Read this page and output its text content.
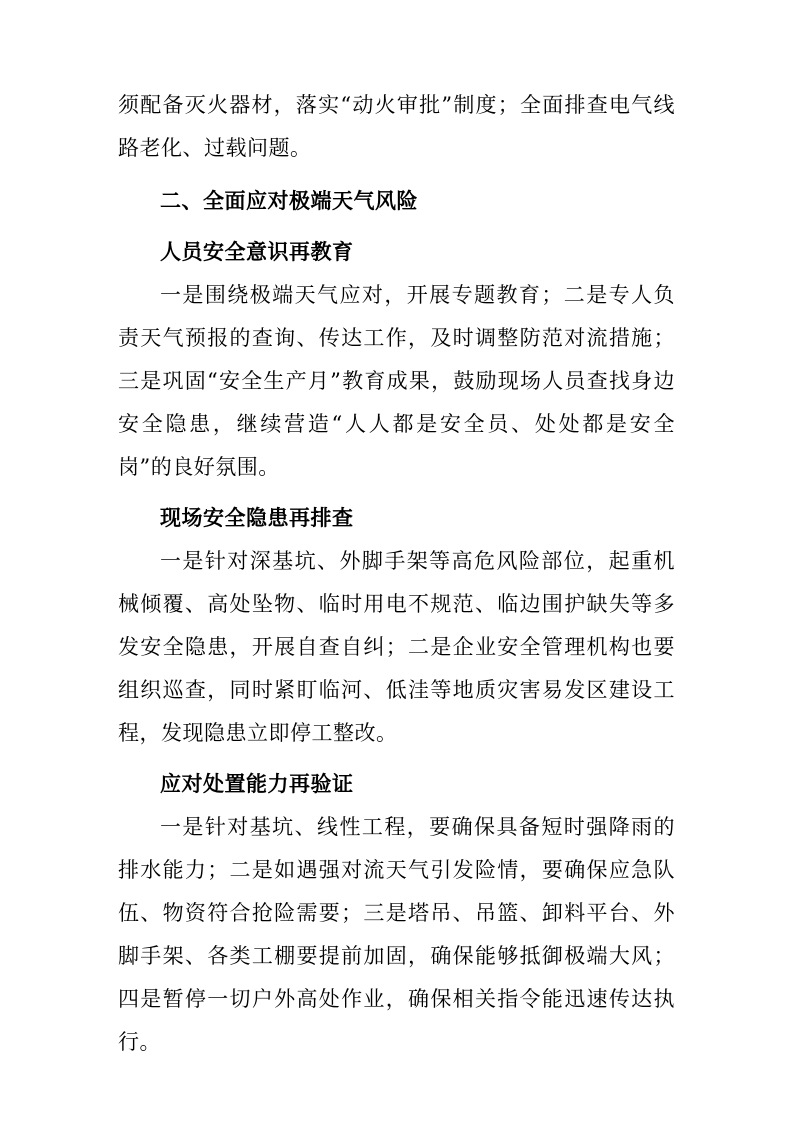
须配备灭火器材，落实“动火审批”制度；全面排查电气线路老化、过载问题。

二、全面应对极端天气风险

人员安全意识再教育

一是围绕极端天气应对，开展专题教育；二是专人负责天气预报的查询、传达工作，及时调整防范对流措施；三是巩固“安全生产月”教育成果，鼓励现场人员查找身边安全隐患，继续营造“人人都是安全员、处处都是安全岗”的良好氛围。

现场安全隐患再排查

一是针对深基坑、外脚手架等高危风险部位，起重机械倾覆、高处坠物、临时用电不规范、临边围护缺失等多发安全隐患，开展自查自纠；二是企业安全管理机构也要组织巡查，同时紧盯临河、低洼等地质灾害易发区建设工程，发现隐患立即停工整改。

应对处置能力再验证

一是针对基坑、线性工程，要确保具备短时强降雨的排水能力；二是如遇强对流天气引发险情，要确保应急队伍、物资符合抢险需要；三是塔吊、吊篮、卸料平台、外脚手架、各类工棚要提前加固，确保能够抵御极端大风；四是暂停一切户外高处作业，确保相关指令能迅速传达执行。
